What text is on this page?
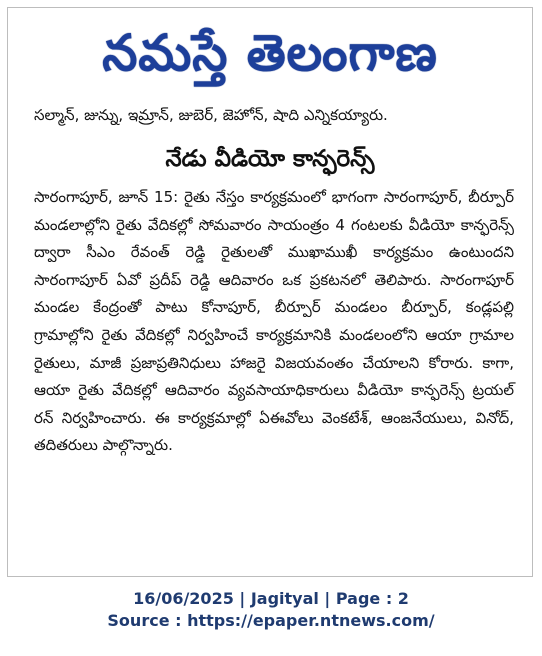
నమస్తే తెలంగాణ
సల్మాన్, జున్ను, ఇమ్రాన్, జుబెర్, జెహోన్, షాది ఎన్నికయ్యారు.
నేడు వీడియో కాన్ఫరెన్స్
సారంగాపూర్, జూన్ 15: రైతు నేస్తం కార్యక్రమంలో భాగంగా సారంగాపూర్, బీర్పూర్ మండలాల్లోని రైతు వేదికల్లో సోమవారం సాయంత్రం 4 గంటలకు వీడియో కాన్ఫరెన్స్ ద్వారా సీఎం రేవంత్ రెడ్డి రైతులతో ముఖాముఖీ కార్యక్రమం ఉంటుందని సారంగాపూర్ ఏవో ప్రదీప్ రెడ్డి ఆదివారం ఒక ప్రకటనలో తెలిపారు. సారంగాపూర్ మండల కేంద్రంతో పాటు కోనాపూర్, బీర్పూర్ మండలం బీర్పూర్, కండ్లపల్లి గ్రామాల్లోని రైతు వేదికల్లో నిర్వహించే కార్యక్రమానికి మండలంలోని ఆయా గ్రామాల రైతులు, మాజీ ప్రజాప్రతినిధులు హాజరై విజయవంతం చేయాలని కోరారు. కాగా, ఆయా రైతు వేదికల్లో ఆదివారం వ్యవసాయాధికారులు వీడియో కాన్ఫరెన్స్ ట్రయల్ రన్ నిర్వహించారు. ఈ కార్యక్రమాల్లో ఏఈవోలు వెంకటేశ్, ఆంజనేయులు, వినోద్, తదితరులు పాల్గొన్నారు.
16/06/2025 | Jagityal | Page : 2
Source : https://epaper.ntnews.com/
